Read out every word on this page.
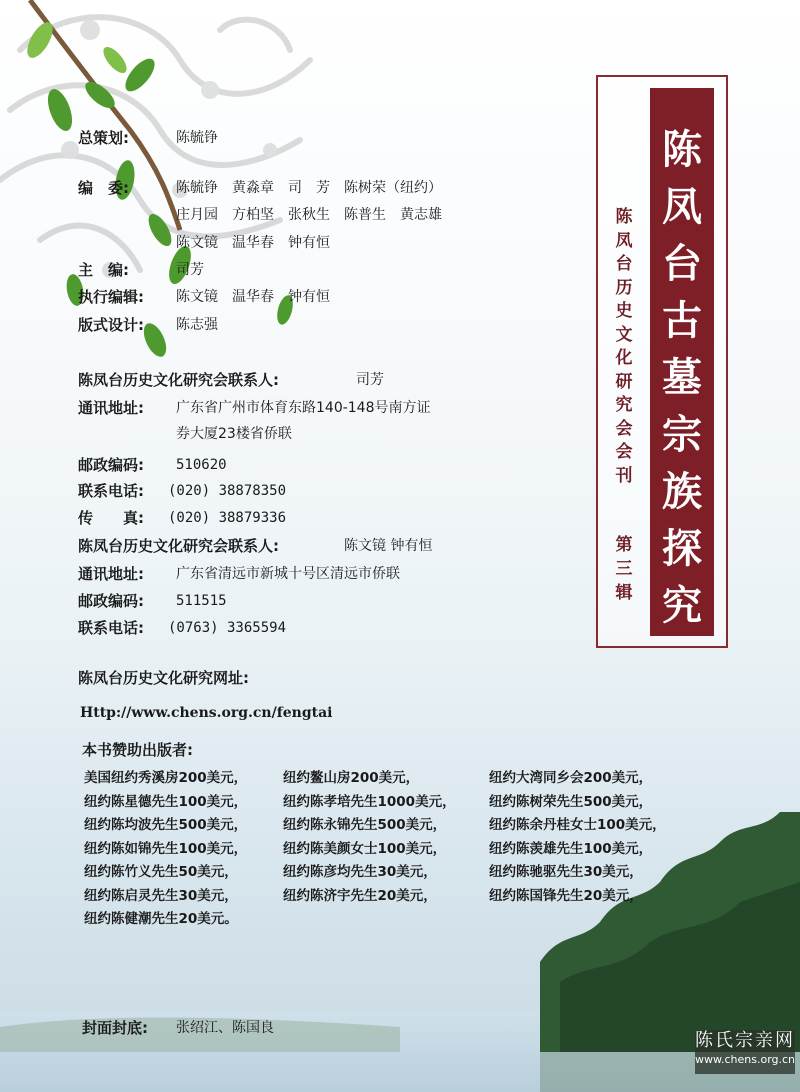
总策划:	陈毓铮
编　委:	陈毓铮　黄淼章　司　芳　陈树荣（纽约）
庄月园　方柏坚　张秋生　陈普生　黄志雄
陈文镜　温华春　钟有恒
主　编:	司芳
执行编辑: 陈文镜　温华春　钟有恒
版式设计: 陈志强
陈凤台历史文化研究会联系人:	司芳
通讯地址: 广东省广州市体育东路140-148号南方证
券大厦23楼省侨联
邮政编码: 510620
联系电话: (020) 38878350
传　　真: (020) 38879336
陈凤台历史文化研究会联系人:	陈文镜 钟有恒
通讯地址: 广东省清远市新城十号区清远市侨联
邮政编码: 511515
联系电话: (0763) 3365594
陈凤台历史文化研究网址:
Http://www.chens.org.cn/fengtai
本书赞助出版者:
美国纽约秀溪房200美元，	纽约鳌山房200美元，	纽约大湾同乡会200美元，
纽约陈星德先生100美元，	纽约陈孝培先生1000美元， 纽约陈树荣先生500美元，
纽约陈均波先生500美元，	纽约陈永锦先生500美元，	纽约陈余丹桂女士100美元，
纽约陈如锦先生100美元，	纽约陈美颜女士100美元，	纽约陈羡雄先生100美元，
纽约陈竹义先生50美元，	纽约陈彦均先生30美元，	纽约陈驰驱先生30美元，
纽约陈启灵先生30美元，	纽约陈济宇先生20美元，	纽约陈国锋先生20美元，
纽约陈健潮先生20美元。
封面封底: 张绍江、陈国良
陈
凤
台
古
墓
宗
族
探
究
陈
凤
台
历
史
文
化
研
究
会
会
刊
第
三
辑
陈氏宗亲网
www.chens.org.cn
